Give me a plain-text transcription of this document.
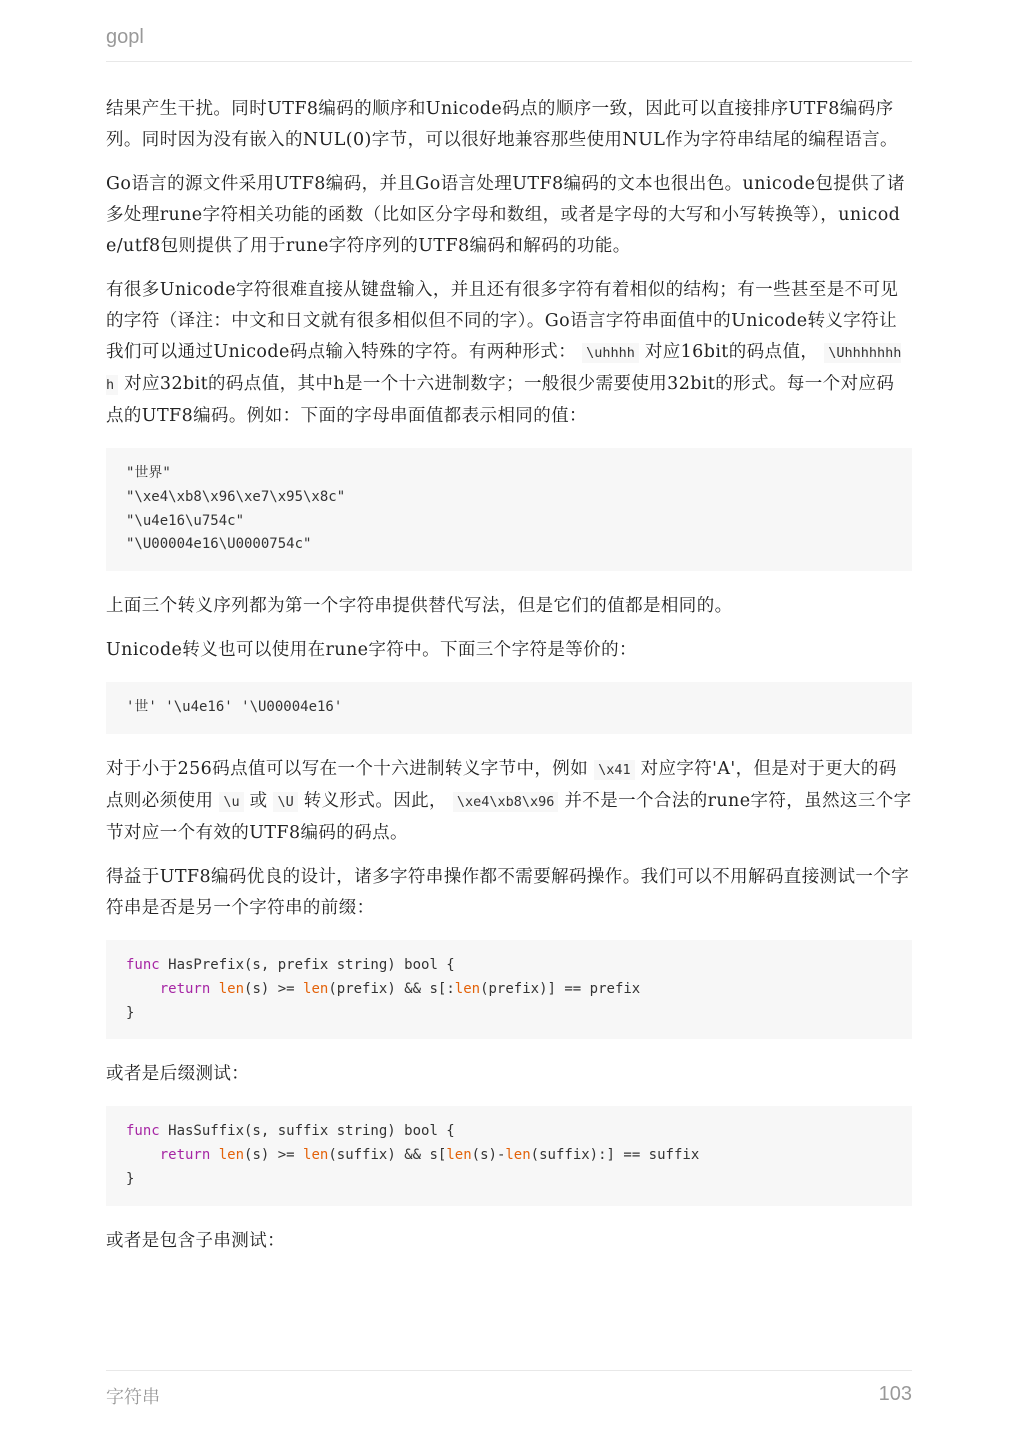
gopl

结果产生干扰。同时UTF8编码的顺序和Unicode码点的顺序一致，因此可以直接排序UTF8编码序列。同时因为没有嵌入的NUL(0)字节，可以很好地兼容那些使用NUL作为字符串结尾的编程语言。

Go语言的源文件采用UTF8编码，并且Go语言处理UTF8编码的文本也很出色。unicode包提供了诸多处理rune字符相关功能的函数（比如区分字母和数组，或者是字母的大写和小写转换等），unicode/utf8包则提供了用于rune字符序列的UTF8编码和解码的功能。

有很多Unicode字符很难直接从键盘输入，并且还有很多字符有着相似的结构；有一些甚至是不可见的字符（译注：中文和日文就有很多相似但不同的字）。Go语言字符串面值中的Unicode转义字符让我们可以通过Unicode码点输入特殊的字符。有两种形式： \uhhhh 对应16bit的码点值， \Uhhhhhhhh 对应32bit的码点值，其中h是一个十六进制数字；一般很少需要使用32bit的形式。每一个对应码点的UTF8编码。例如：下面的字母串面值都表示相同的值：

"世界"
"\xe4\xb8\x96\xe7\x95\x8c"
"\u4e16\u754c"
"\U00004e16\U0000754c"

上面三个转义序列都为第一个字符串提供替代写法，但是它们的值都是相同的。

Unicode转义也可以使用在rune字符中。下面三个字符是等价的：

'世' '\u4e16' '\U00004e16'

对于小于256码点值可以写在一个十六进制转义字节中，例如 \x41 对应字符'A'，但是对于更大的码点则必须使用 \u 或 \U 转义形式。因此， \xe4\xb8\x96 并不是一个合法的rune字符，虽然这三个字节对应一个有效的UTF8编码的码点。

得益于UTF8编码优良的设计，诸多字符串操作都不需要解码操作。我们可以不用解码直接测试一个字符串是否是另一个字符串的前缀：

func HasPrefix(s, prefix string) bool {
return len(s) >= len(prefix) && s[:len(prefix)] == prefix
}

或者是后缀测试：

func HasSuffix(s, suffix string) bool {
return len(s) >= len(suffix) && s[len(s)-len(suffix):] == suffix
}

或者是包含子串测试：

字符串	103
